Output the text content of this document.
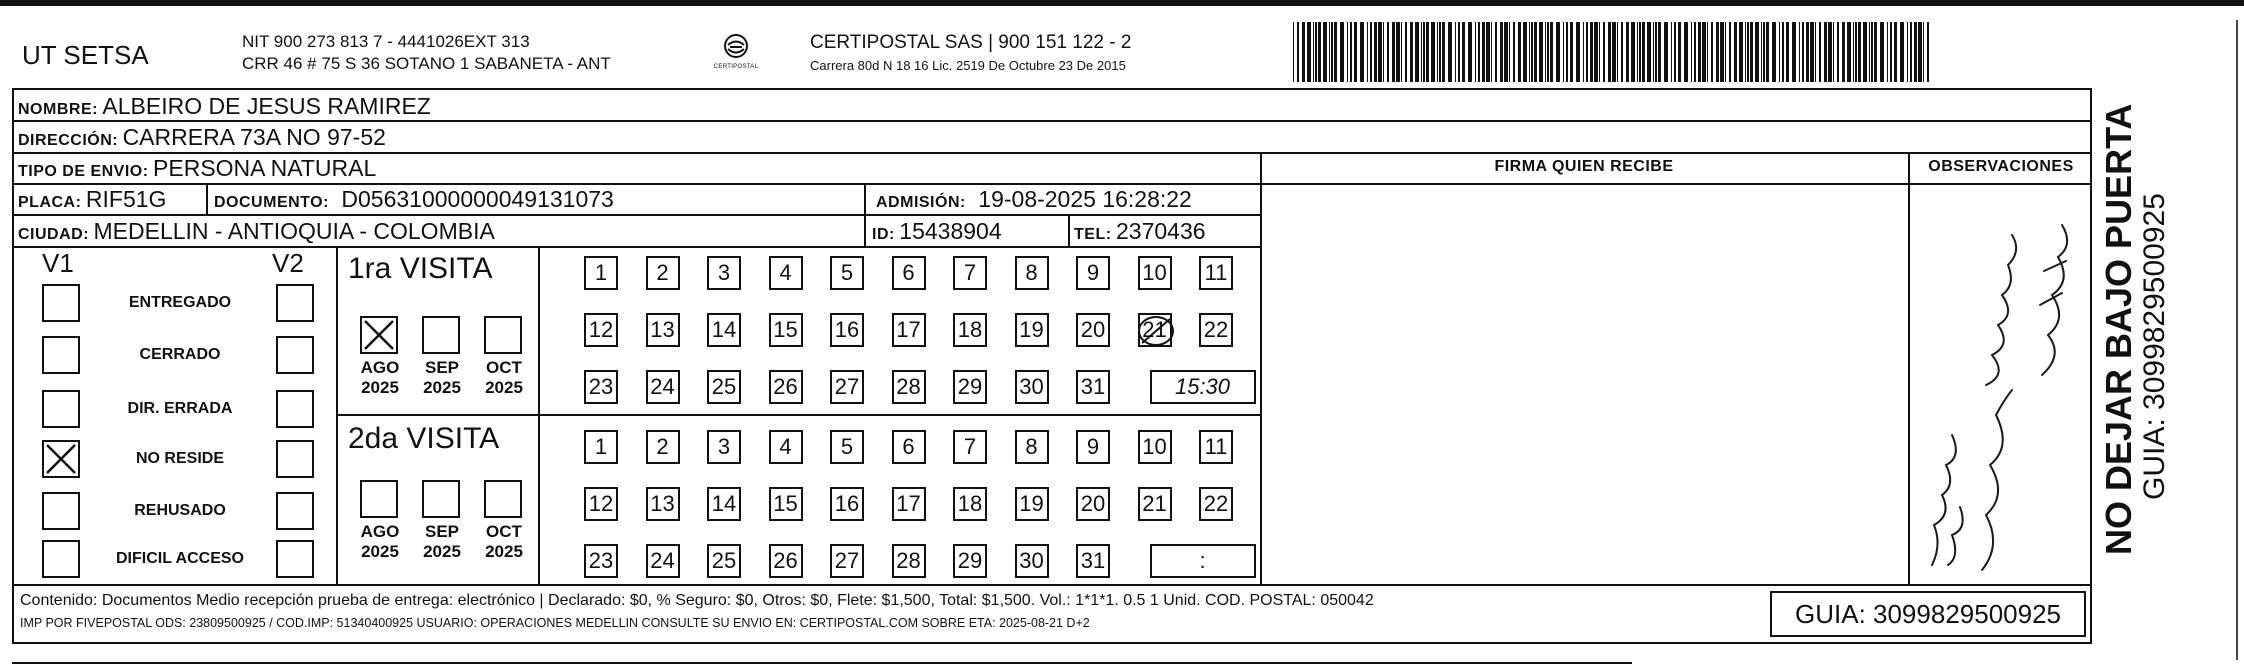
UT SETSA	NIT 900 273 813 7 - 4441026EXT 313
CRR 46 # 75 S 36 SOTANO 1 SABANETA - ANT	CERTIPOSTAL
CERTIPOSTAL SAS | 900 151 122 - 2
Carrera 80d N 18 16 Lic. 2519 De Octubre 23 De 2015
NOMBRE: ALBEIRO DE JESUS RAMIREZ
DIRECCIÓN: CARRERA 73A NO 97-52
TIPO DE ENVIO: PERSONA NATURAL
PLACA: RIF51G	DOCUMENTO: D05631000000049131073	ADMISIÓN: 19-08-2025 16:28:22
CIUDAD: MEDELLIN - ANTIOQUIA - COLOMBIA	ID: 15438904	TEL: 2370436
FIRMA QUIEN RECIBE	OBSERVACIONES
V1	V2
ENTREGADO
CERRADO
DIR. ERRADA
NO RESIDE
REHUSADO
DIFICIL ACCESO
1ra VISITA
2da VISITA
AGO
2025
SEP
2025
OCT
2025
AGO
2025
SEP
2025
OCT
2025
1	2	3	4	5	6	7	8	9	10 11
12 13 14 15 16 17 18 19 20 21 22
23 24 25 26 27 28 29 30 31	15:30
1	2	3	4	5	6	7	8	9	10 11
12 13 14 15 16 17 18 19 20 21 22
23 24 25 26 27 28 29 30 31	:
Contenido: Documentos Medio recepción prueba de entrega: electrónico | Declarado: $0, % Seguro: $0, Otros: $0, Flete: $1,500, Total: $1,500. Vol.: 1*1*1. 0.5 1 Unid. COD. POSTAL: 050042
IMP POR FIVEPOSTAL ODS: 23809500925 / COD.IMP: 51340400925 USUARIO: OPERACIONES MEDELLIN CONSULTE SU ENVIO EN: CERTIPOSTAL.COM SOBRE ETA: 2025-08-21 D+2	GUIA: 3099829500925
NO DEJAR BAJO PUERTA GUIA: 3099829500925
